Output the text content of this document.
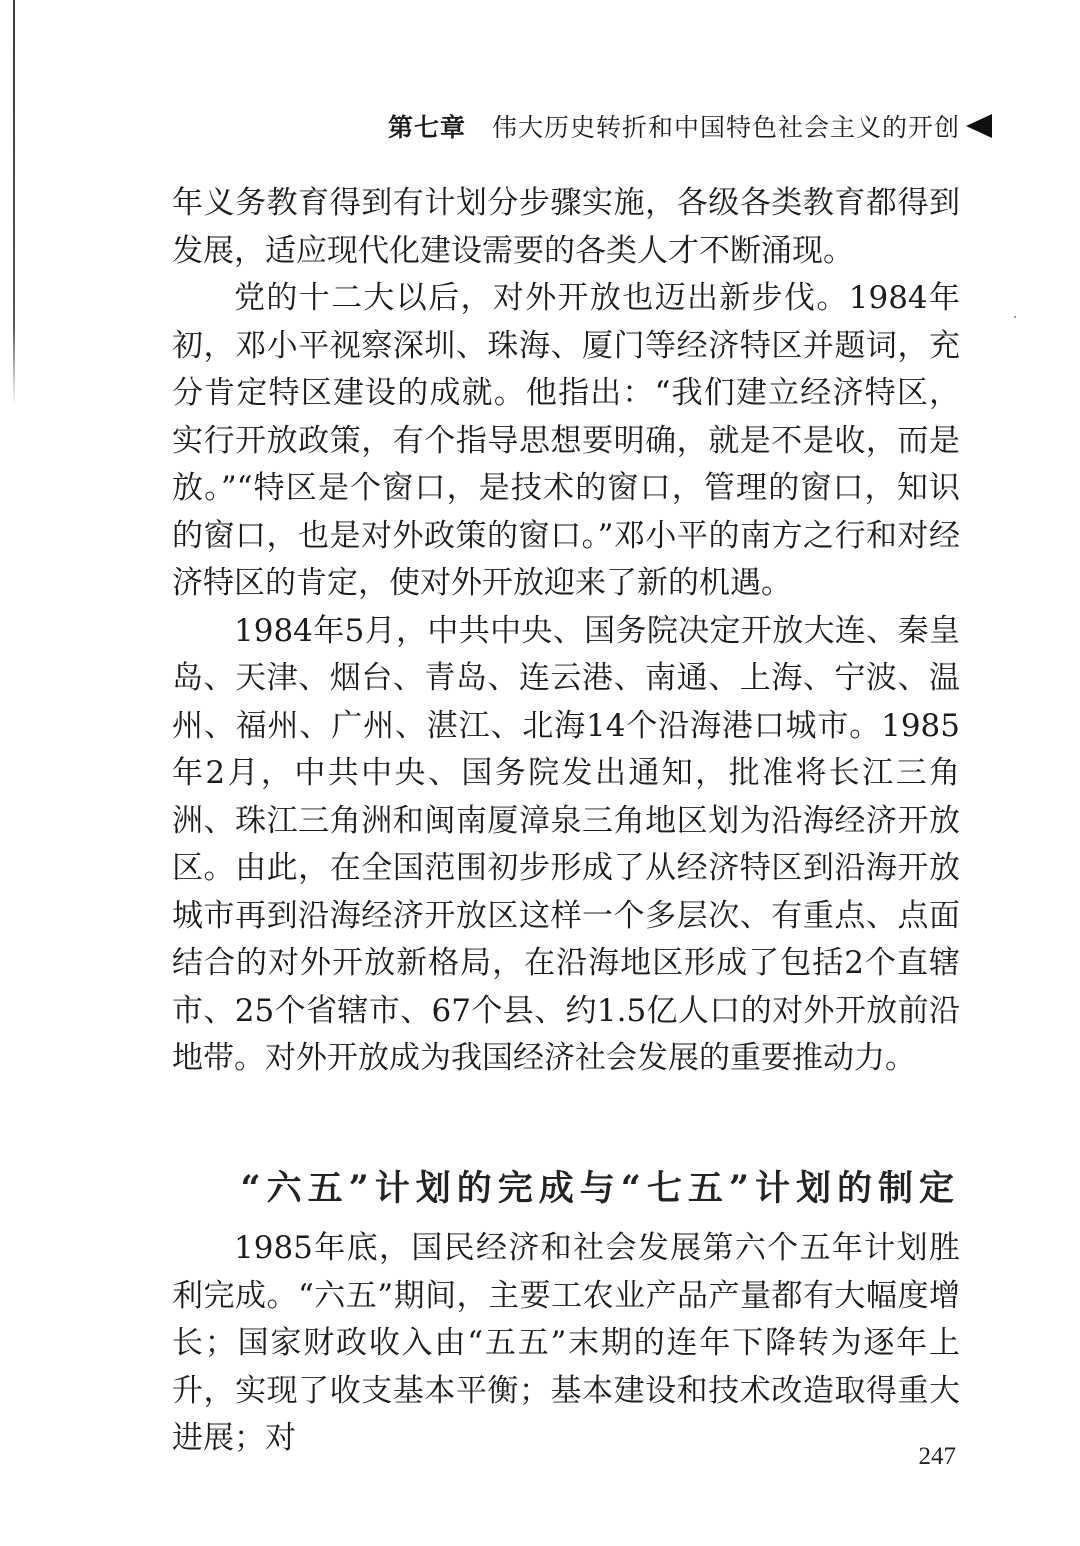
第七章 伟大历史转折和中国特色社会主义的开创

年义务教育得到有计划分步骤实施，各级各类教育都得到发展，适应现代化建设需要的各类人才不断涌现。

党的十二大以后，对外开放也迈出新步伐。1984年初，邓小平视察深圳、珠海、厦门等经济特区并题词，充分肯定特区建设的成就。他指出：“我们建立经济特区，实行开放政策，有个指导思想要明确，就是不是收，而是放。”“特区是个窗口，是技术的窗口，管理的窗口，知识的窗口，也是对外政策的窗口。”邓小平的南方之行和对经济特区的肯定，使对外开放迎来了新的机遇。

1984年5月，中共中央、国务院决定开放大连、秦皇岛、天津、烟台、青岛、连云港、南通、上海、宁波、温州、福州、广州、湛江、北海14个沿海港口城市。1985年2月，中共中央、国务院发出通知，批准将长江三角洲、珠江三角洲和闽南厦漳泉三角地区划为沿海经济开放区。由此，在全国范围初步形成了从经济特区到沿海开放城市再到沿海经济开放区这样一个多层次、有重点、点面结合的对外开放新格局，在沿海地区形成了包括2个直辖市、25个省辖市、67个县、约1.5亿人口的对外开放前沿地带。对外开放成为我国经济社会发展的重要推动力。

“六五”计划的完成与“七五”计划的制定

1985年底，国民经济和社会发展第六个五年计划胜利完成。“六五”期间，主要工农业产品产量都有大幅度增长；国家财政收入由“五五”末期的连年下降转为逐年上升，实现了收支基本平衡；基本建设和技术改造取得重大进展；对

247
